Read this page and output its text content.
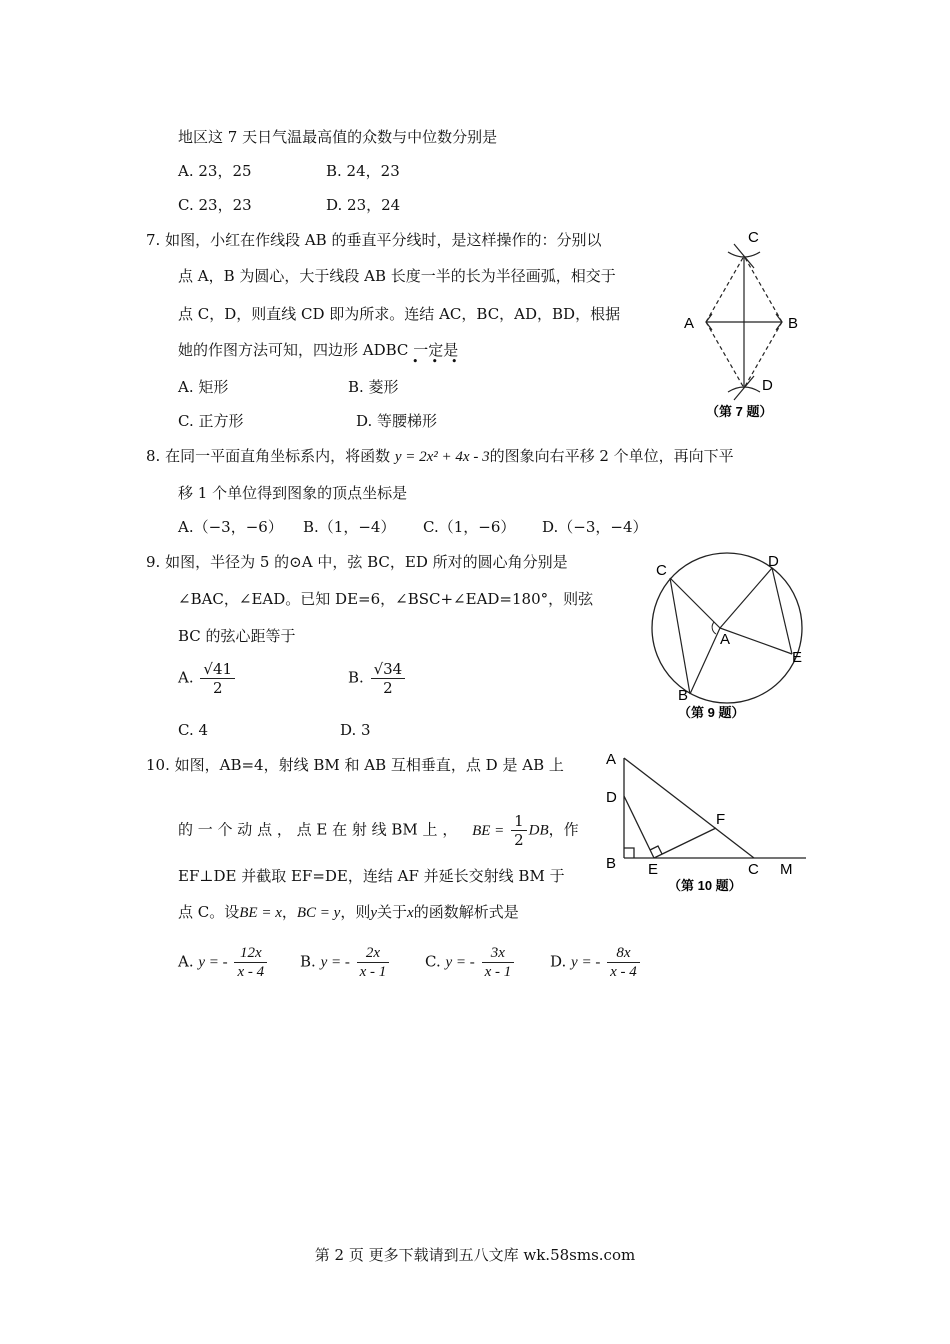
地区这 7 天日气温最高值的众数与中位数分别是
A. 23，25	B. 24，23
C. 23，23	D. 23，24
7. 如图，小红在作线段 AB 的垂直平分线时，是这样操作的：分别以
点 A，B 为圆心，大于线段 AB 长度一半的长为半径画弧，相交于
点 C，D，则直线 CD 即为所求。连结 AC，BC，AD，BD，根据
她的作图方法可知，四边形 ADBC 一定是
•••
A. 矩形	B. 菱形
C. 正方形	D. 等腰梯形
C
A	B
D
（第 7 题）
8. 在同一平面直角坐标系内，将函数 y = 2x² + 4x - 3的图象向右平移 2 个单位，再向下平
移 1 个单位得到图象的顶点坐标是
A.（−3，−6） B.（1，−4） C.（1，−6） D.（−3，−4）
9. 如图，半径为 5 的⊙A 中，弦 BC，ED 所对的圆心角分别是
∠BAC，∠EAD。已知 DE=6，∠BSC+∠EAD=180°，则弦
BC 的弦心距等于
A. $\frac{√41}{2}$	B. $\frac{√34}{2}$
C. 4	D. 3
C
D
A
E
B
（第 9 题）
10. 如图，AB=4，射线 BM 和 AB 互相垂直，点 D 是 AB 上
的 一 个 动 点 ， 点 E 在 射 线 BM 上 ， BE = $\frac{1}{2}$ DB，作
EF⊥DE 并截取 EF=DE，连结 AF 并延长交射线 BM 于
点 C。设BE = x，BC = y，则y关于x的函数解析式是
A. y = - $\frac{12x}{x - 4} B$. y = - $\frac{2x}{x - 1} C$. y = - $\frac{3x}{x - 1} D$. y = - $\frac{8x}{x - 4}$
A
D
B E
F
C M
（第 10 题）
第 2 页 更多下载请到五八文库 wk.58sms.com
